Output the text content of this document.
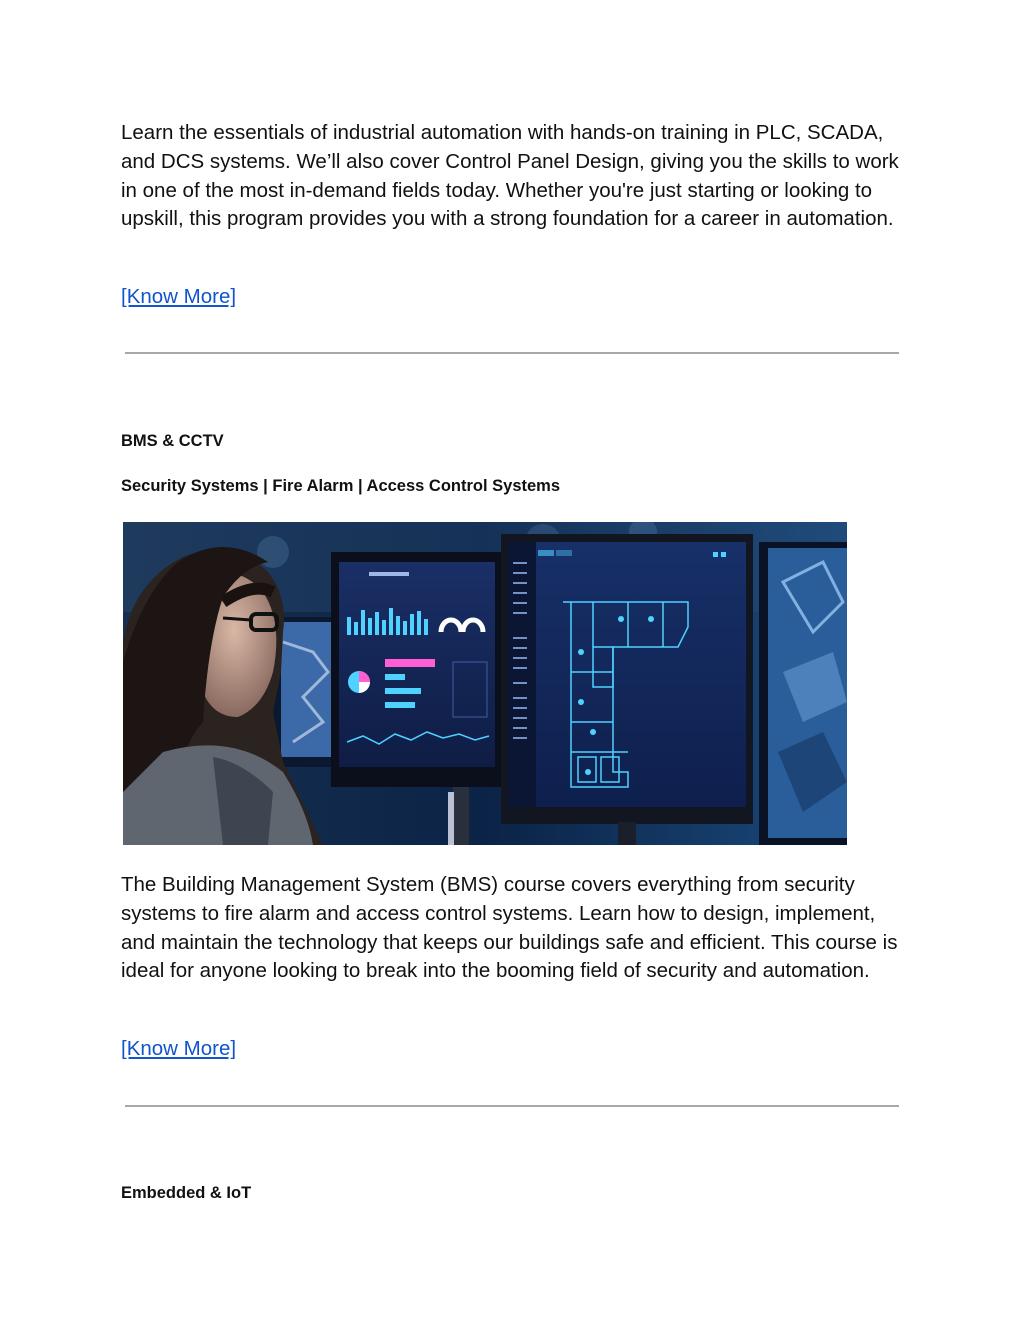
Learn the essentials of industrial automation with hands-on training in PLC, SCADA, and DCS systems. We’ll also cover Control Panel Design, giving you the skills to work in one of the most in-demand fields today. Whether you're just starting or looking to upskill, this program provides you with a strong foundation for a career in automation.

[Know More]
BMS & CCTV
Security Systems | Fire Alarm | Access Control Systems

The Building Management System (BMS) course covers everything from security systems to fire alarm and access control systems. Learn how to design, implement, and maintain the technology that keeps our buildings safe and efficient. This course is ideal for anyone looking to break into the booming field of security and automation.

[Know More]
Embedded & IoT
